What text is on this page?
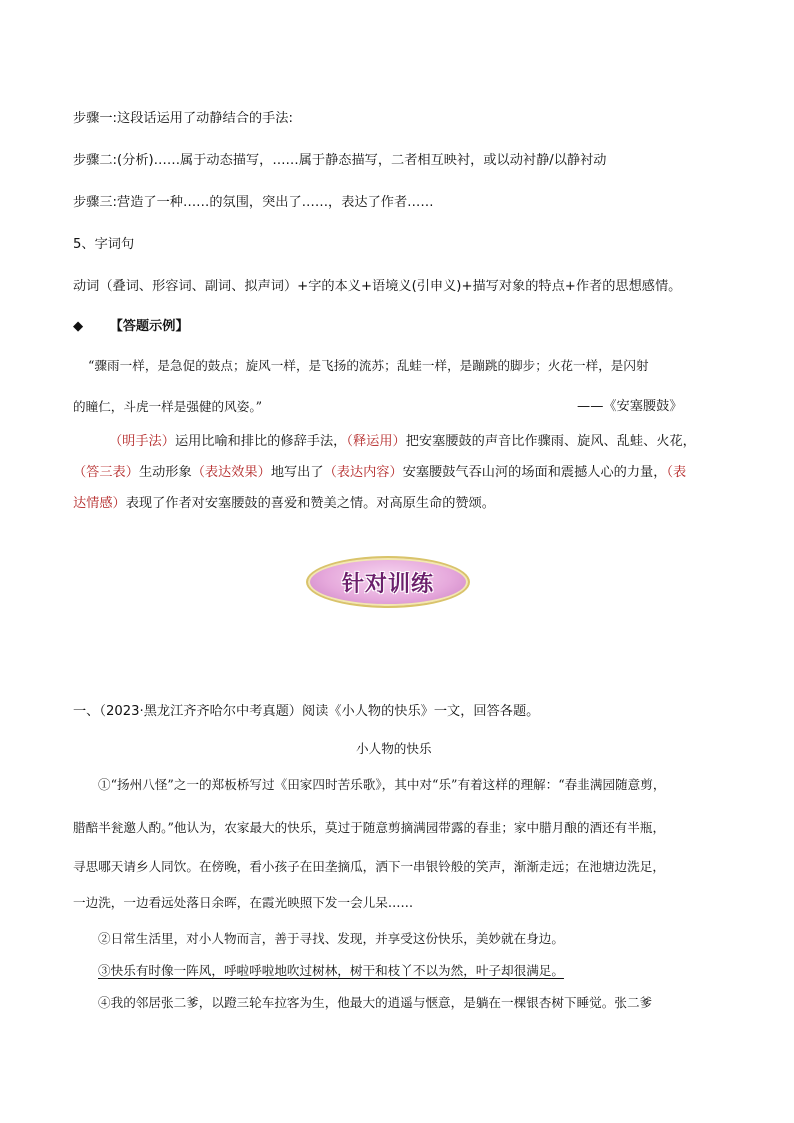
步骤一:这段话运用了动静结合的手法:
步骤二:(分析)……属于动态描写，……属于静态描写，二者相互映衬，或以动衬静/以静衬动
步骤三:营造了一种……的氛围，突出了……，表达了作者……
5、字词句
动词（叠词、形容词、副词、拟声词）+字的本义+语境义(引申义)+描写对象的特点+作者的思想感情。
◆ 【答题示例】
“骤雨一样，是急促的鼓点；旋风一样，是飞扬的流苏；乱蛙一样，是蹦跳的脚步；火花一样，是闪射
的瞳仁，斗虎一样是强健的风姿。”	——《安塞腰鼓》
（明手法）运用比喻和排比的修辞手法，（释运用）把安塞腰鼓的声音比作骤雨、旋风、乱蛙、火花，
（答三表）生动形象（表达效果）地写出了（表达内容）安塞腰鼓气吞山河的场面和震撼人心的力量，（表
达情感）表现了作者对安塞腰鼓的喜爱和赞美之情。对高原生命的赞颂。
针对训练
一、（2023·黑龙江齐齐哈尔中考真题）阅读《小人物的快乐》一文，回答各题。
小人物的快乐
①“扬州八怪”之一的郑板桥写过《田家四时苦乐歌》，其中对“乐”有着这样的理解：“春韭满园随意剪，
腊醅半瓮邀人酌。”他认为，农家最大的快乐，莫过于随意剪摘满园带露的春韭；家中腊月酿的酒还有半瓶，
寻思哪天请乡人同饮。在傍晚，看小孩子在田垄摘瓜，洒下一串银铃般的笑声，渐渐走远；在池塘边洗足，
一边洗，一边看远处落日余晖，在霞光映照下发一会儿呆……
②日常生活里，对小人物而言，善于寻找、发现，并享受这份快乐，美妙就在身边。
③快乐有时像一阵风，呼啦呼啦地吹过树林，树干和枝丫不以为然，叶子却很满足。
④我的邻居张二爹，以蹬三轮车拉客为生，他最大的逍遥与惬意，是躺在一棵银杏树下睡觉。张二爹
